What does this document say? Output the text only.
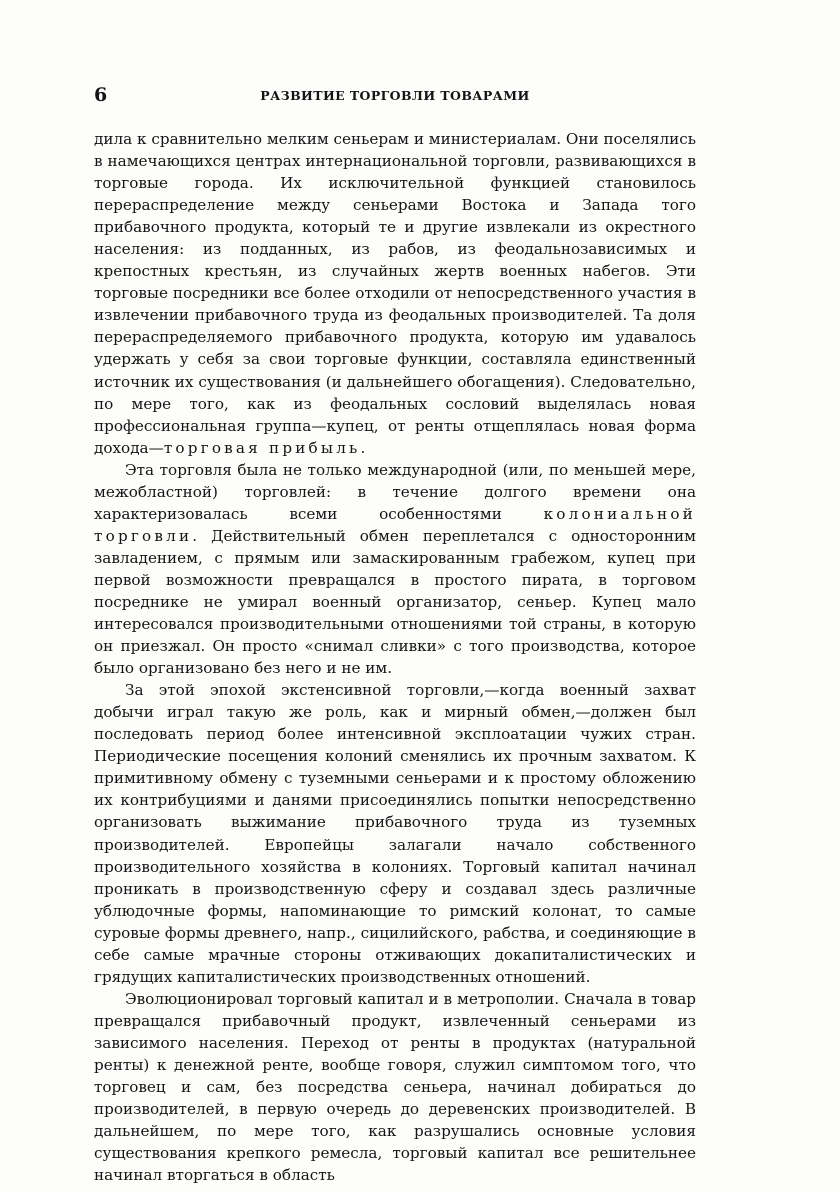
6	РАЗВИТИЕ ТОРГОВЛИ ТОВАРАМИ

дила к сравнительно мелким сеньерам и министериалам. Они поселялись в намечающихся центрах интернациональной торговли, развивающихся в торговые города. Их исключительной функцией становилось перераспределение между сеньерами Востока и Запада того прибавочного продукта, который те и другие извлекали из окрестного населения: из подданных, из рабов, из феодальнозависимых и крепостных крестьян, из случайных жертв военных набегов. Эти торговые посредники все более отходили от непосредственного участия в извлечении прибавочного труда из феодальных производителей. Та доля перераспределяемого прибавочного продукта, которую им удавалось удержать у себя за свои торговые функции, составляла единственный источник их существования (и дальнейшего обогащения). Следовательно, по мере того, как из феодальных сословий выделялась новая профессиональная группа—купец, от ренты отщеплялась новая форма дохода—торговая прибыль.

Эта торговля была не только международной (или, по меньшей мере, межобластной) торговлей: в течение долгого времени она характеризовалась всеми особенностями колониальной торговли. Действительный обмен переплетался с односторонним завладением, с прямым или замаскированным грабежом, купец при первой возможности превращался в простого пирата, в торговом посреднике не умирал военный организатор, сеньер. Купец мало интересовался производительными отношениями той страны, в которую он приезжал. Он просто «снимал сливки» с того производства, которое было организовано без него и не им.

За этой эпохой экстенсивной торговли,—когда военный захват добычи играл такую же роль, как и мирный обмен,—должен был последовать период более интенсивной эксплоатации чужих стран. Периодические посещения колоний сменялись их прочным захватом. К примитивному обмену с туземными сеньерами и к простому обложению их контрибуциями и данями присоединялись попытки непосредственно организовать выжимание прибавочного труда из туземных производителей. Европейцы залагали начало собственного производительного хозяйства в колониях. Торговый капитал начинал проникать в производственную сферу и создавал здесь различные ублюдочные формы, напоминающие то римский колонат, то самые суровые формы древнего, напр., сицилийского, рабства, и соединяющие в себе самые мрачные стороны отживающих докапиталистических и грядущих капиталистических производственных отношений.

Эволюционировал торговый капитал и в метрополии. Сначала в товар превращался прибавочный продукт, извлеченный сеньерами из зависимого населения. Переход от ренты в продуктах (натуральной ренты) к денежной ренте, вообще говоря, служил симптомом того, что торговец и сам, без посредства сеньера, начинал добираться до производителей, в первую очередь до деревенских производителей. В дальнейшем, по мере того, как разрушались основные условия существования крепкого ремесла, торговый капитал все решительнее начинал вторгаться в область
